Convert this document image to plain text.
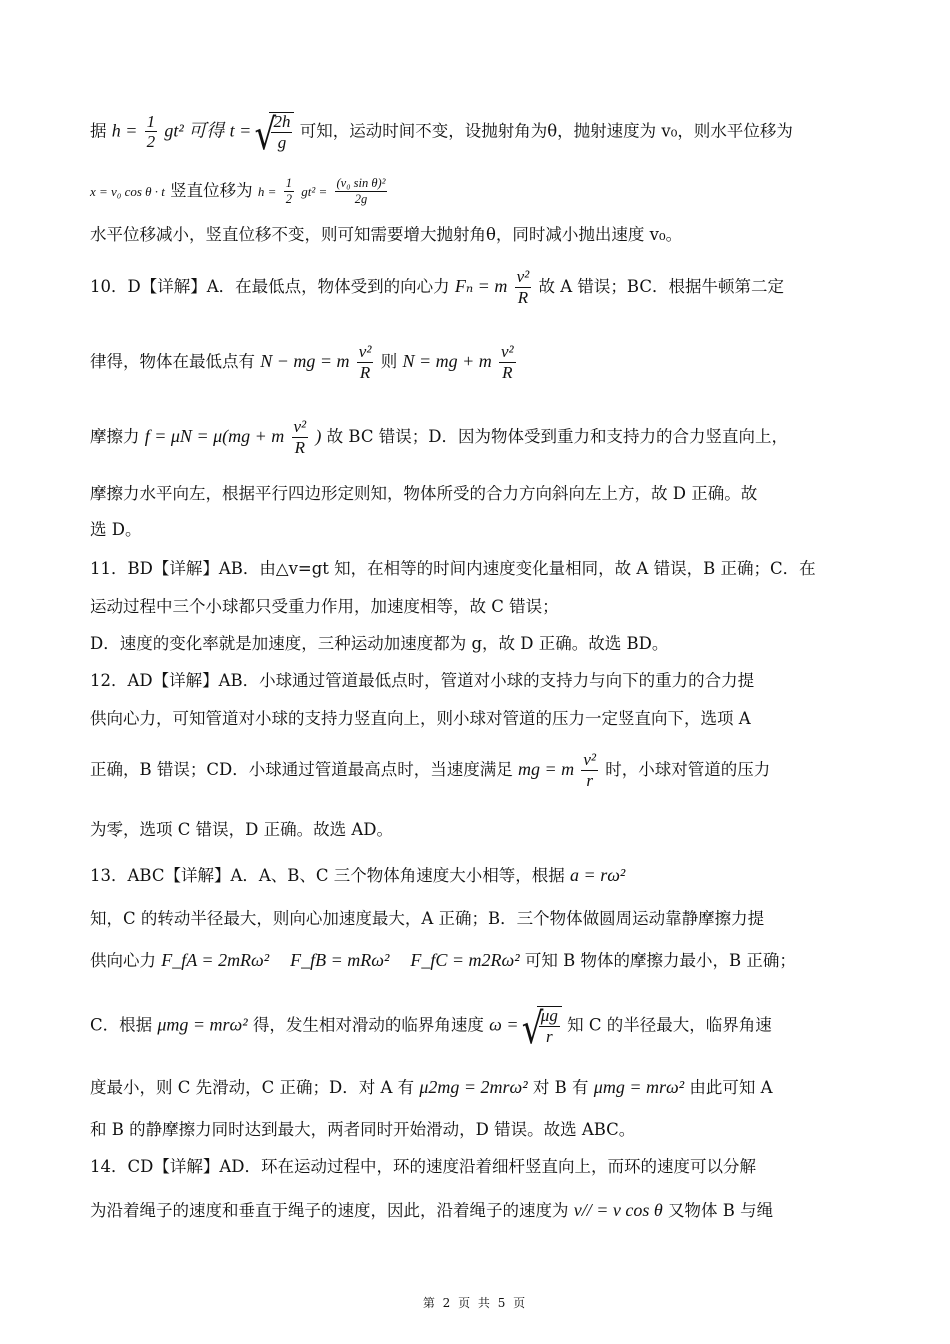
据 $h = \frac{1}{2} gt^2$ 可得 t = √ $\frac{2h}{g}$ 可知，运动时间不变，设抛射角为θ，抛射速度为 v₀，则水平位移为
x = v₀ cos θ · t 竖直位移为 $h = \frac{1}{2} gt^2 = \frac{\text{(v₀ sin θ)²}}{2g}$
水平位移减小，竖直位移不变，则可知需要增大抛射角θ，同时减小抛出速度 v₀。
10．D【详解】A．在最低点，物体受到的向心力 Fₙ = m $\frac{\text{v²}}{R}$ 故 A 错误；BC．根据牛顿第二定
律得，物体在最低点有 N − mg = m $\frac{\text{v²}}{R}$ 则 N = mg + m $\frac{\text{v²}}{R}$
摩擦力 f = μN = μ(mg + m $\frac{\text{v²}}{R}$ ) 故 BC 错误；D．因为物体受到重力和支持力的合力竖直向上，
摩擦力水平向左，根据平行四边形定则知，物体所受的合力方向斜向左上方，故 D 正确。故
选 D。
11．BD【详解】AB．由△v=gt 知，在相等的时间内速度变化量相同，故 A 错误，B 正确；C．在
运动过程中三个小球都只受重力作用，加速度相等，故 C 错误；
D．速度的变化率就是加速度，三种运动加速度都为 g，故 D 正确。故选 BD。
12．AD【详解】AB．小球通过管道最低点时，管道对小球的支持力与向下的重力的合力提
供向心力，可知管道对小球的支持力竖直向上，则小球对管道的压力一定竖直向下，选项 A
正确，B 错误；CD．小球通过管道最高点时，当速度满足 mg = m $\frac{\text{v²}}{r}$ 时，小球对管道的压力
为零，选项 C 错误，D 正确。故选 AD。
13．ABC【详解】A．A、B、C 三个物体角速度大小相等，根据 a = rω²
知，C 的转动半径最大，则向心加速度最大，A 正确；B．三个物体做圆周运动靠静摩擦力提
供向心力 F_fA = 2mRω² F_fB = mRω² F_fC = m2Rω² 可知 B 物体的摩擦力最小，B 正确；
C．根据 μmg = mrω² 得，发生相对滑动的临界角速度 ω = √ $\frac{\mu g}{r}$ 知 C 的半径最大，临界角速
度最小，则 C 先滑动，C 正确；D．对 A 有 μ2mg = 2mrω² 对 B 有 μmg = mrω² 由此可知 A
和 B 的静摩擦力同时达到最大，两者同时开始滑动，D 错误。故选 ABC。
14．CD【详解】AD．环在运动过程中，环的速度沿着细杆竖直向上，而环的速度可以分解
为沿着绳子的速度和垂直于绳子的速度，因此，沿着绳子的速度为 v// = v cos θ 又物体 B 与绳
第 2 页 共 5 页
